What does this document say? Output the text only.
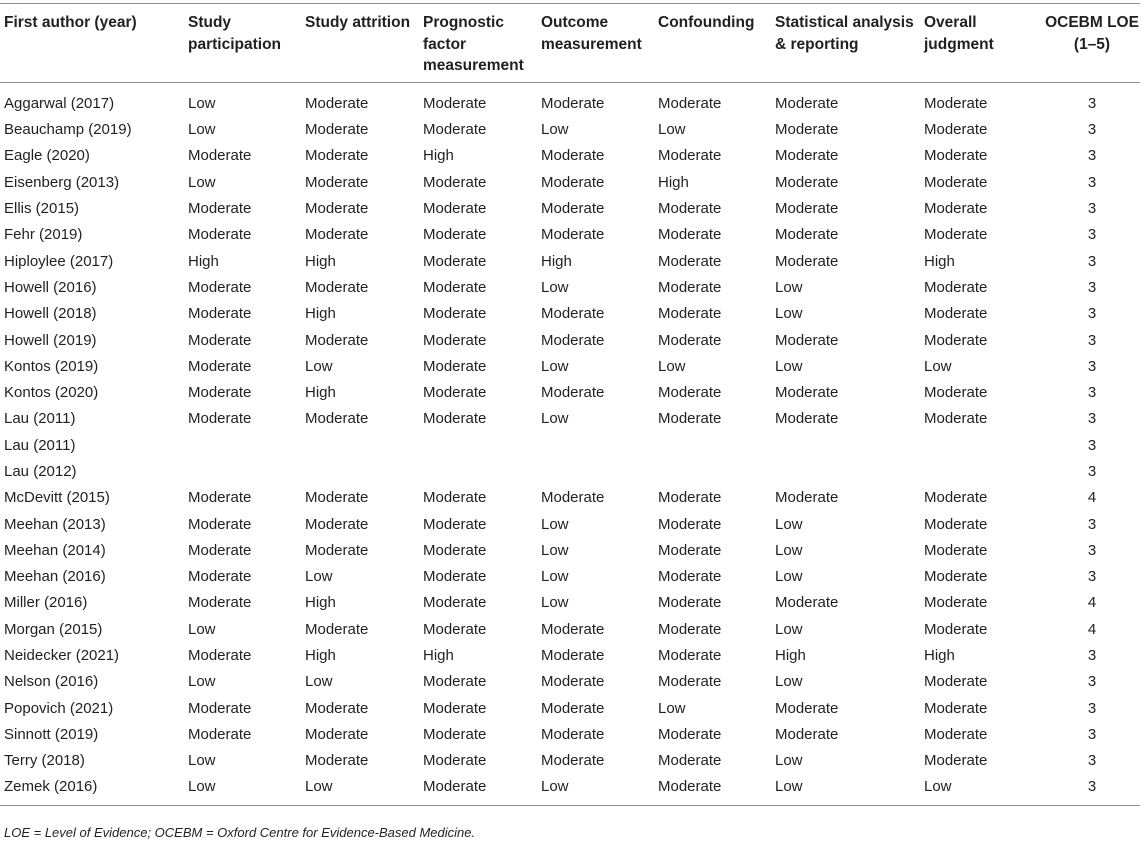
First author (year)	Study participation	Study attrition	Prognostic factor measurement	Outcome measurement	Confounding	Statistical analysis & reporting	Overall judgment	OCEBM LOE (1–5)
Aggarwal (2017)	Low	Moderate	Moderate	Moderate	Moderate	Moderate	Moderate	3
Beauchamp (2019)	Low	Moderate	Moderate	Low	Low	Moderate	Moderate	3
Eagle (2020)	Moderate	Moderate	High	Moderate	Moderate	Moderate	Moderate	3
Eisenberg (2013)	Low	Moderate	Moderate	Moderate	High	Moderate	Moderate	3
Ellis (2015)	Moderate	Moderate	Moderate	Moderate	Moderate	Moderate	Moderate	3
Fehr (2019)	Moderate	Moderate	Moderate	Moderate	Moderate	Moderate	Moderate	3
Hiploylee (2017)	High	High	Moderate	High	Moderate	Moderate	High	3
Howell (2016)	Moderate	Moderate	Moderate	Low	Moderate	Low	Moderate	3
Howell (2018)	Moderate	High	Moderate	Moderate	Moderate	Low	Moderate	3
Howell (2019)	Moderate	Moderate	Moderate	Moderate	Moderate	Moderate	Moderate	3
Kontos (2019)	Moderate	Low	Moderate	Low	Low	Low	Low	3
Kontos (2020)	Moderate	High	Moderate	Moderate	Moderate	Moderate	Moderate	3
Lau (2011)	Moderate	Moderate	Moderate	Low	Moderate	Moderate	Moderate	3
Lau (2011)								3
Lau (2012)								3
McDevitt (2015)	Moderate	Moderate	Moderate	Moderate	Moderate	Moderate	Moderate	4
Meehan (2013)	Moderate	Moderate	Moderate	Low	Moderate	Low	Moderate	3
Meehan (2014)	Moderate	Moderate	Moderate	Low	Moderate	Low	Moderate	3
Meehan (2016)	Moderate	Low	Moderate	Low	Moderate	Low	Moderate	3
Miller (2016)	Moderate	High	Moderate	Low	Moderate	Moderate	Moderate	4
Morgan (2015)	Low	Moderate	Moderate	Moderate	Moderate	Low	Moderate	4
Neidecker (2021)	Moderate	High	High	Moderate	Moderate	High	High	3
Nelson (2016)	Low	Low	Moderate	Moderate	Moderate	Low	Moderate	3
Popovich (2021)	Moderate	Moderate	Moderate	Moderate	Low	Moderate	Moderate	3
Sinnott (2019)	Moderate	Moderate	Moderate	Moderate	Moderate	Moderate	Moderate	3
Terry (2018)	Low	Moderate	Moderate	Moderate	Moderate	Low	Moderate	3
Zemek (2016)	Low	Low	Moderate	Low	Moderate	Low	Low	3
LOE = Level of Evidence; OCEBM = Oxford Centre for Evidence-Based Medicine.
